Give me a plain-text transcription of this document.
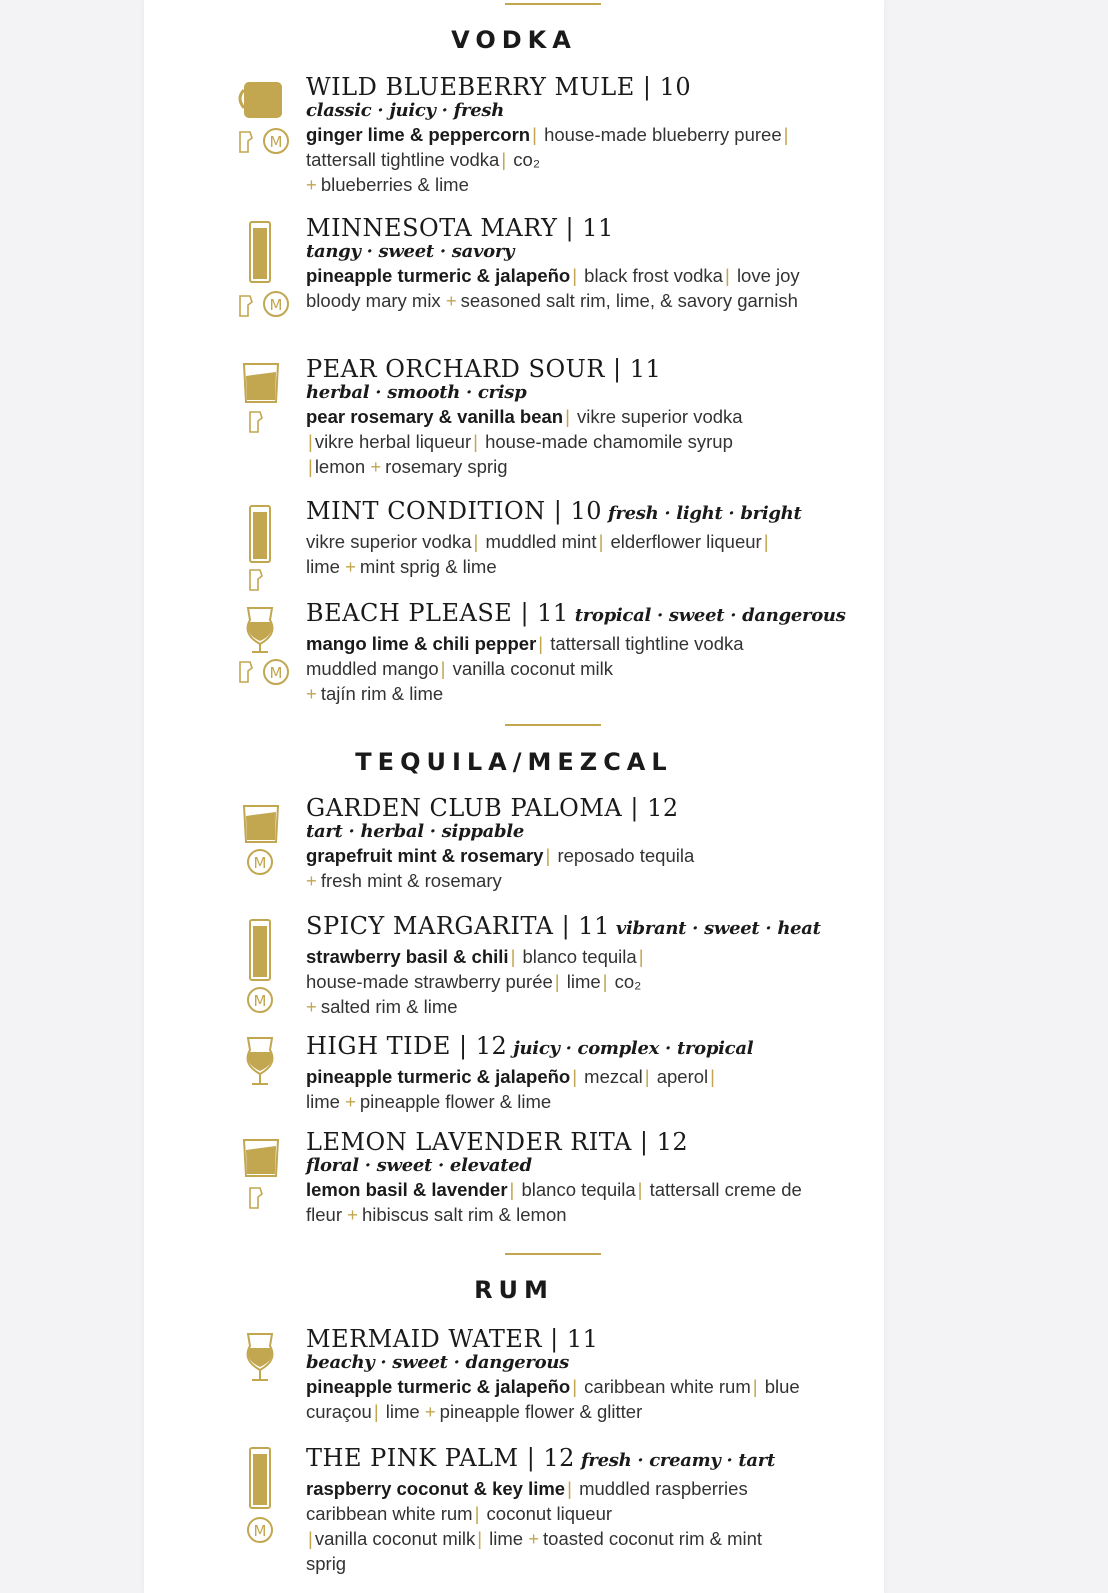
VODKA
M
WILD BLUEBERRY MULE | 10
classic · juicy · fresh
ginger lime & peppercorn | house-made blueberry puree | tattersall tightline vodka | co₂
+ blueberries & lime
M
MINNESOTA MARY | 11
tangy · sweet · savory
pineapple turmeric & jalapeño | black frost vodka | love joy bloody mary mix + seasoned salt rim, lime, & savory garnish
PEAR ORCHARD SOUR | 11
herbal · smooth · crisp
pear rosemary & vanilla bean | vikre superior vodka
| vikre herbal liqueur | house-made chamomile syrup
| lemon + rosemary sprig
MINT CONDITION | 10 fresh · light · bright
vikre superior vodka | muddled mint | elderflower liqueur | lime + mint sprig & lime
M
BEACH PLEASE | 11 tropical · sweet · dangerous
mango lime & chili pepper | tattersall tightline vodka
muddled mango | vanilla coconut milk
+ tajín rim & lime
TEQUILA/MEZCAL
M
GARDEN CLUB PALOMA | 12
tart · herbal · sippable
grapefruit mint & rosemary | reposado tequila
+ fresh mint & rosemary
M
SPICY MARGARITA | 11 vibrant · sweet · heat
strawberry basil & chili | blanco tequila |
house-made strawberry purée | lime | co₂
+ salted rim & lime
HIGH TIDE | 12 juicy · complex · tropical
pineapple turmeric & jalapeño | mezcal | aperol |
lime + pineapple flower & lime
LEMON LAVENDER RITA | 12
floral · sweet · elevated
lemon basil & lavender | blanco tequila | tattersall creme de fleur + hibiscus salt rim & lemon
RUM
MERMAID WATER | 11
beachy · sweet · dangerous
pineapple turmeric & jalapeño | caribbean white rum | blue curaçou | lime + pineapple flower & glitter
M
THE PINK PALM | 12 fresh · creamy · tart
raspberry coconut & key lime | muddled raspberries caribbean white rum | coconut liqueur
| vanilla coconut milk | lime + toasted coconut rim & mint sprig
